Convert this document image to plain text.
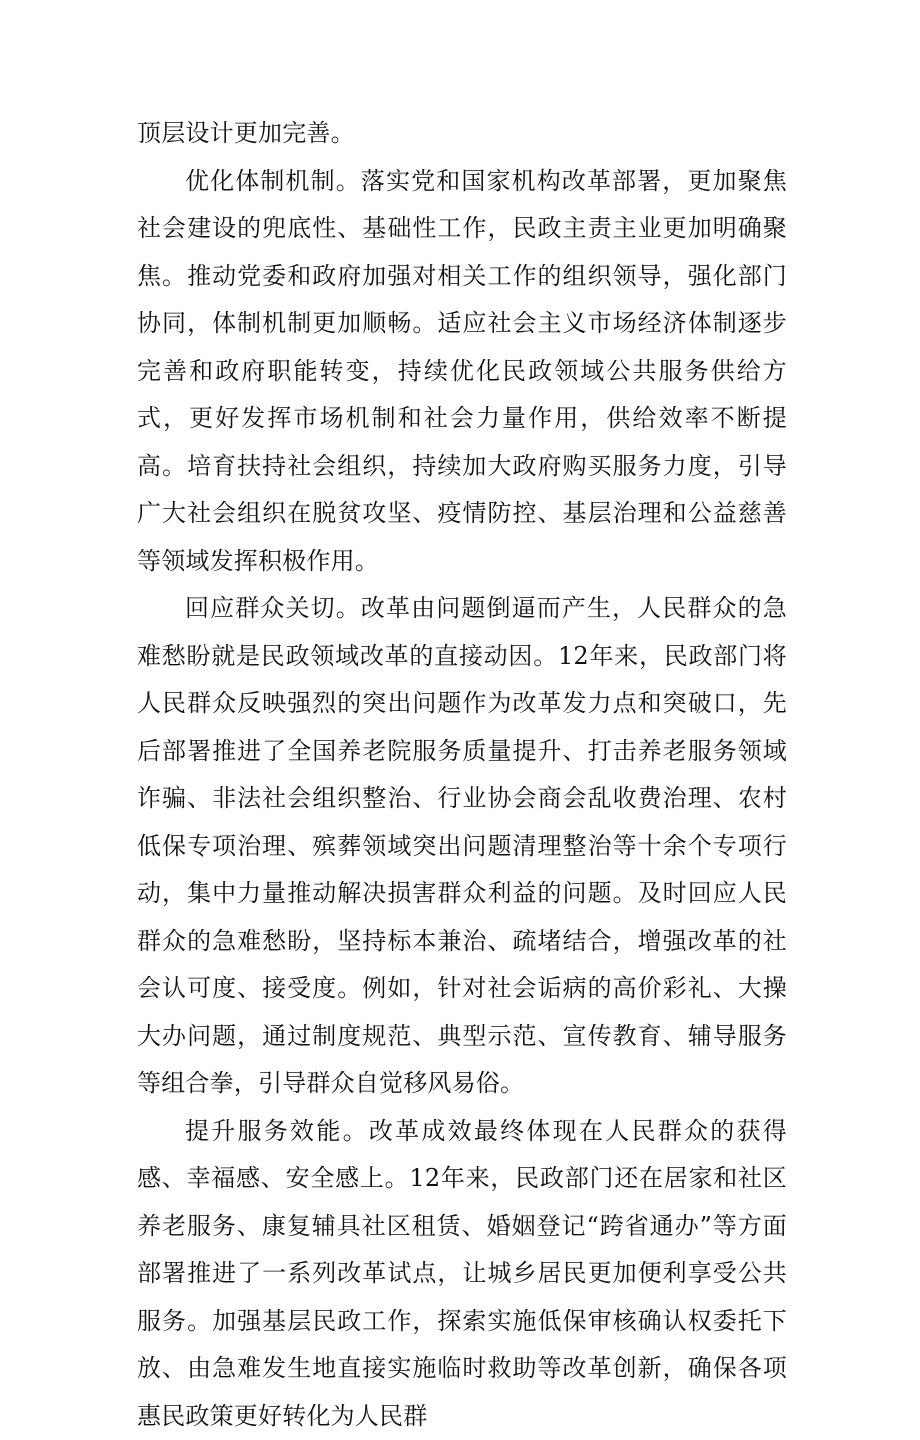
顶层设计更加完善。

优化体制机制。落实党和国家机构改革部署，更加聚焦社会建设的兜底性、基础性工作，民政主责主业更加明确聚焦。推动党委和政府加强对相关工作的组织领导，强化部门协同，体制机制更加顺畅。适应社会主义市场经济体制逐步完善和政府职能转变，持续优化民政领域公共服务供给方式，更好发挥市场机制和社会力量作用，供给效率不断提高。培育扶持社会组织，持续加大政府购买服务力度，引导广大社会组织在脱贫攻坚、疫情防控、基层治理和公益慈善等领域发挥积极作用。

回应群众关切。改革由问题倒逼而产生，人民群众的急难愁盼就是民政领域改革的直接动因。12年来，民政部门将人民群众反映强烈的突出问题作为改革发力点和突破口，先后部署推进了全国养老院服务质量提升、打击养老服务领域诈骗、非法社会组织整治、行业协会商会乱收费治理、农村低保专项治理、殡葬领域突出问题清理整治等十余个专项行动，集中力量推动解决损害群众利益的问题。及时回应人民群众的急难愁盼，坚持标本兼治、疏堵结合，增强改革的社会认可度、接受度。例如，针对社会诟病的高价彩礼、大操大办问题，通过制度规范、典型示范、宣传教育、辅导服务等组合拳，引导群众自觉移风易俗。

提升服务效能。改革成效最终体现在人民群众的获得感、幸福感、安全感上。12年来，民政部门还在居家和社区养老服务、康复辅具社区租赁、婚姻登记“跨省通办”等方面部署推进了一系列改革试点，让城乡居民更加便利享受公共服务。加强基层民政工作，探索实施低保审核确认权委托下放、由急难发生地直接实施临时救助等改革创新，确保各项惠民政策更好转化为人民群
